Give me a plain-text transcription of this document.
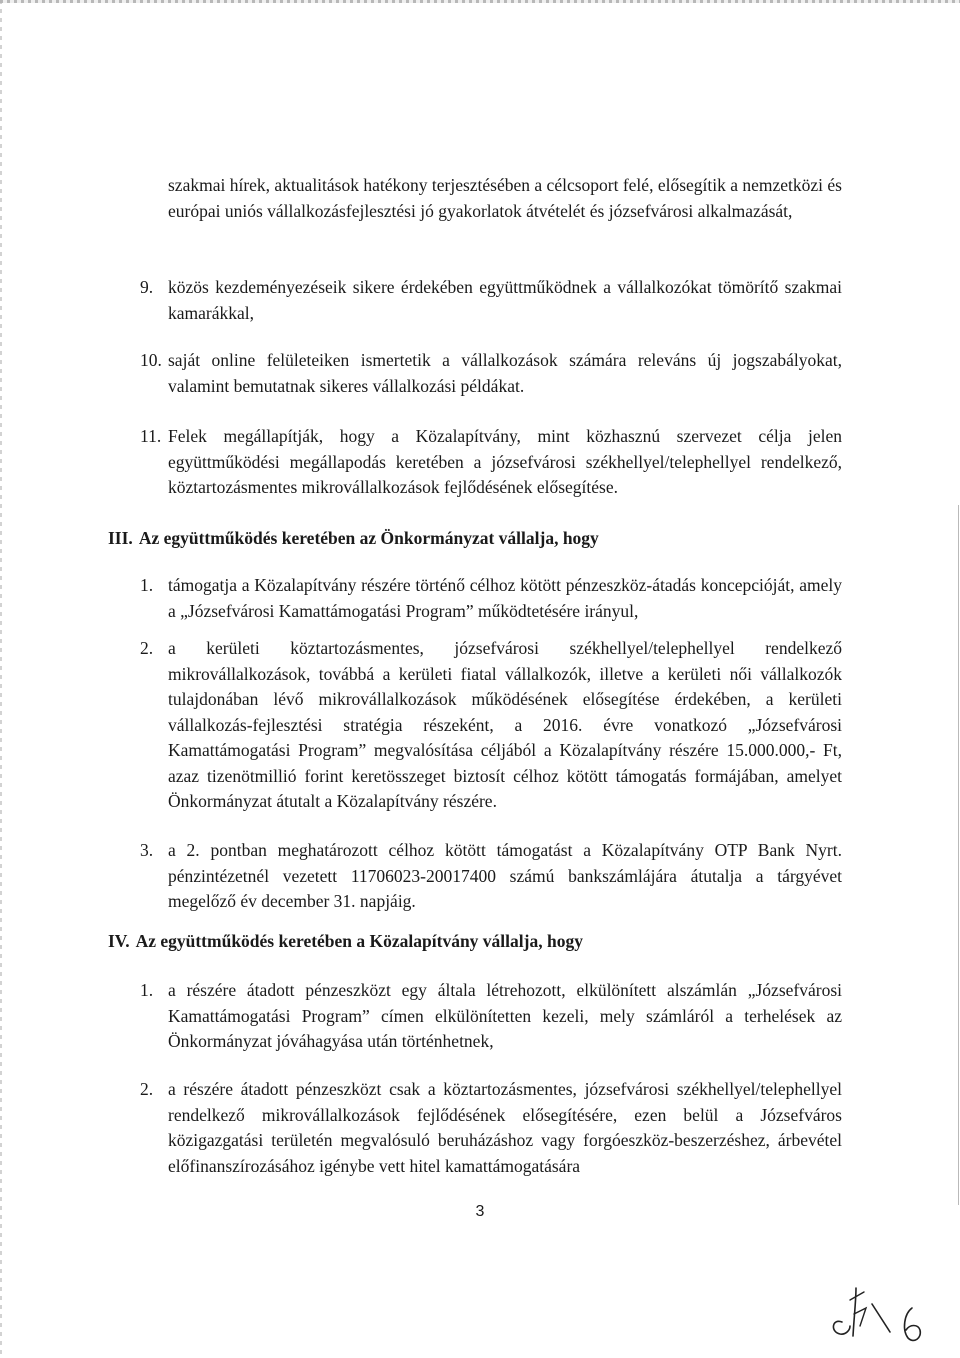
szakmai hírek, aktualitások hatékony terjesztésében a célcsoport felé, elősegítik a nemzetközi és európai uniós vállalkozásfejlesztési jó gyakorlatok átvételét és józsefvárosi alkalmazását,
9. közös kezdeményezéseik sikere érdekében együttműködnek a vállalkozókat tömörítő szakmai kamarákkal,
10. saját online felületeiken ismertetik a vállalkozások számára releváns új jogszabályokat, valamint bemutatnak sikeres vállalkozási példákat.
11. Felek megállapítják, hogy a Közalapítvány, mint közhasznú szervezet célja jelen együttműködési megállapodás keretében a józsefvárosi székhellyel/telephellyel rendelkező, köztartozásmentes mikrovállalkozások fejlődésének elősegítése.
III. Az együttműködés keretében az Önkormányzat vállalja, hogy
1. támogatja a Közalapítvány részére történő célhoz kötött pénzeszköz-átadás koncepcióját, amely a „Józsefvárosi Kamattámogatási Program” működtetésére irányul,
2. a kerületi köztartozásmentes, józsefvárosi székhellyel/telephellyel rendelkező mikrovállalkozások, továbbá a kerületi fiatal vállalkozók, illetve a kerületi női vállalkozók tulajdonában lévő mikrovállalkozások működésének elősegítése érdekében, a kerületi vállalkozás-fejlesztési stratégia részeként, a 2016. évre vonatkozó „Józsefvárosi Kamattámogatási Program” megvalósítása céljából a Közalapítvány részére 15.000.000,- Ft, azaz tizenötmillió forint keretösszeget biztosít célhoz kötött támogatás formájában, amelyet Önkormányzat átutalt a Közalapítvány részére.
3. a 2. pontban meghatározott célhoz kötött támogatást a Közalapítvány OTP Bank Nyrt. pénzintézetnél vezetett 11706023-20017400 számú bankszámlájára átutalja a tárgyévet megelőző év december 31. napjáig.
IV. Az együttműködés keretében a Közalapítvány vállalja, hogy
1. a részére átadott pénzeszközt egy általa létrehozott, elkülönített alszámlán „Józsefvárosi Kamattámogatási Program” címen elkülönítetten kezeli, mely számláról a terhelések az Önkormányzat jóváhagyása után történhetnek,
2. a részére átadott pénzeszközt csak a köztartozásmentes, józsefvárosi székhellyel/telephellyel rendelkező mikrovállalkozások fejlődésének elősegítésére, ezen belül a Józsefváros közigazgatási területén megvalósuló beruházáshoz vagy forgóeszköz-beszerzéshez, árbevétel előfinanszírozásához igénybe vett hitel kamattámogatására
3
